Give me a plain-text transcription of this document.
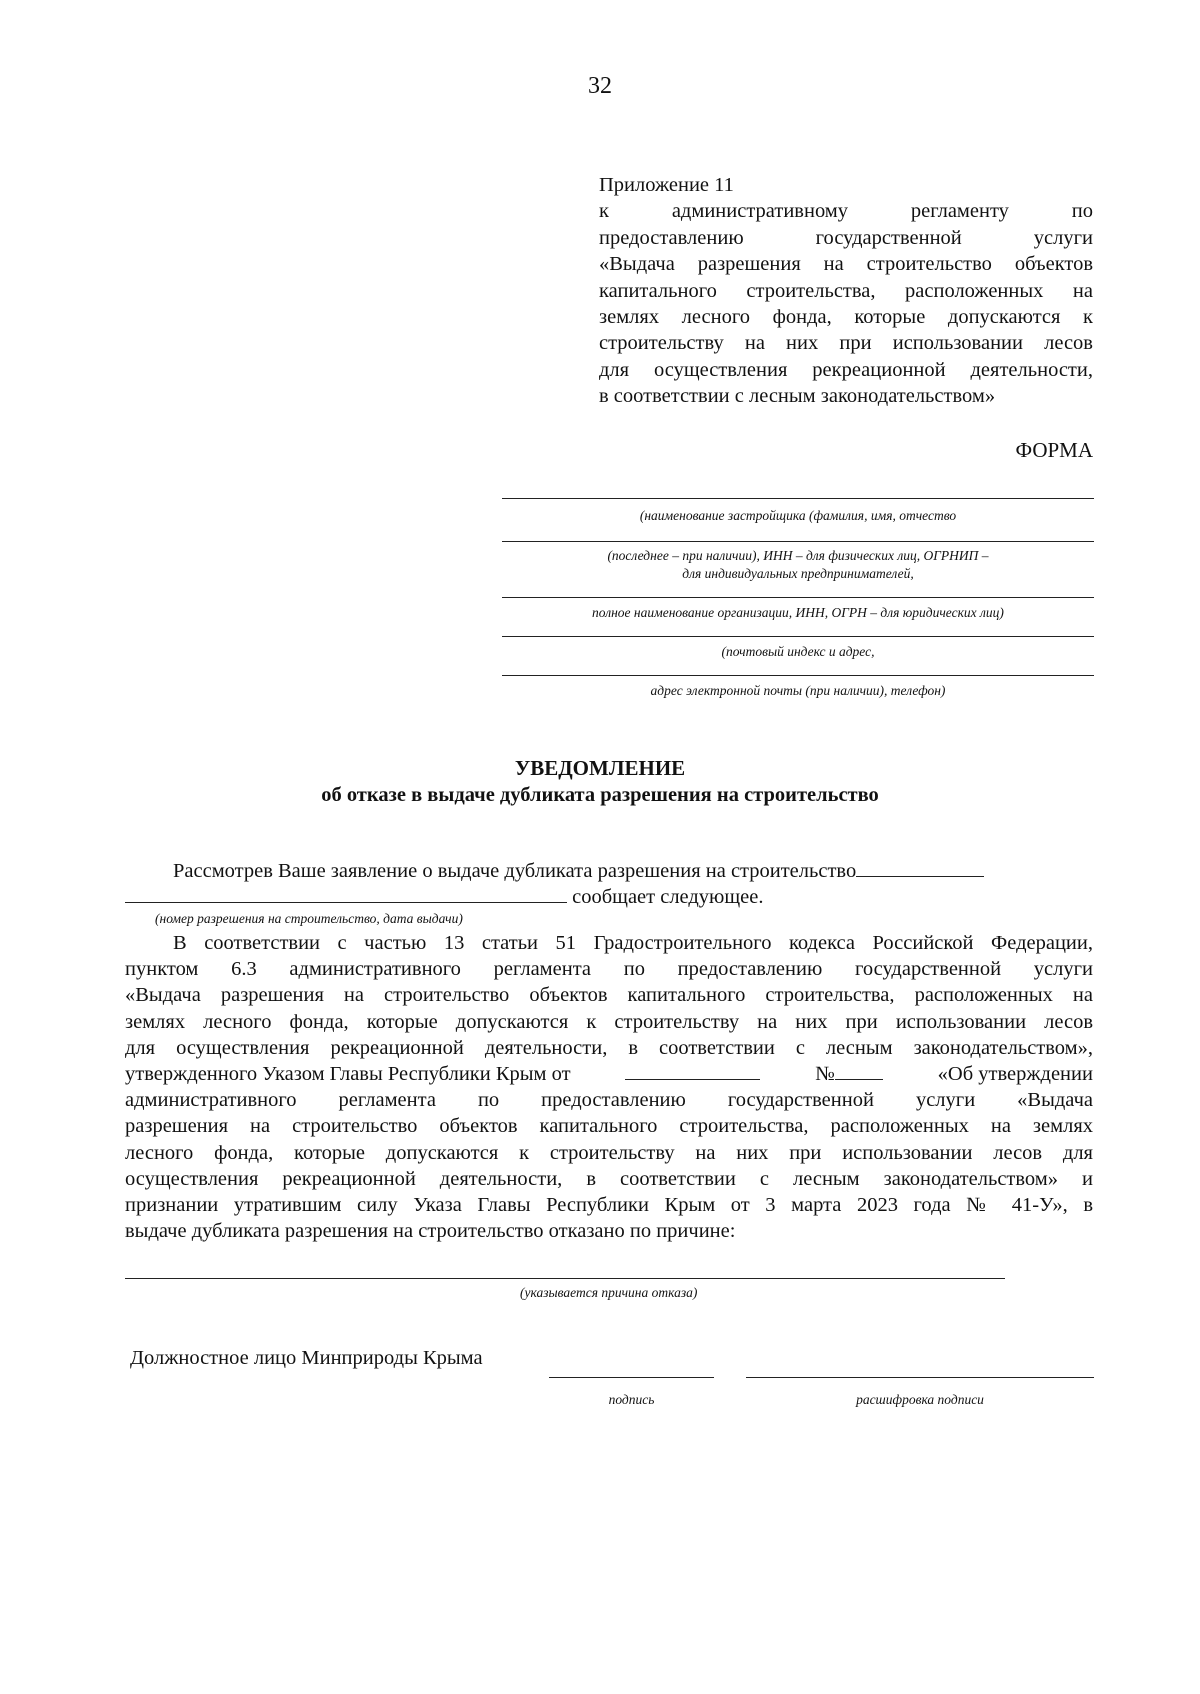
32
Приложение 11
к административному регламенту по
предоставлению государственной услуги
«Выдача разрешения на строительство объектов
капитального строительства, расположенных на
землях лесного фонда, которые допускаются к
строительству на них при использовании лесов
для осуществления рекреационной деятельности,
в соответствии с лесным законодательством»
ФОРМА
(наименование застройщика (фамилия, имя, отчество
(последнее – при наличии), ИНН – для физических лиц, ОГРНИП –
для индивидуальных предпринимателей,
полное наименование организации, ИНН, ОГРН – для юридических лиц)
(почтовый индекс и адрес,
адрес электронной почты (при наличии), телефон)
УВЕДОМЛЕНИЕ
об отказе в выдаче дубликата разрешения на строительство
Рассмотрев Ваше заявление о выдаче дубликата разрешения на строительство
сообщает следующее.
(номер разрешения на строительство, дата выдачи)
В соответствии с частью 13 статьи 51 Градостроительного кодекса Российской Федерации,
пунктом 6.3 административного регламента по предоставлению государственной услуги
«Выдача разрешения на строительство объектов капитального строительства, расположенных на
землях лесного фонда, которые допускаются к строительству на них при использовании лесов
для осуществления рекреационной деятельности, в соответствии с лесным законодательством»,
утвержденного Указом Главы Республики Крым от	№	«Об утверждении
административного регламента по предоставлению государственной услуги «Выдача
разрешения на строительство объектов капитального строительства, расположенных на землях
лесного фонда, которые допускаются к строительству на них при использовании лесов для
осуществления рекреационной деятельности, в соответствии с лесным законодательством» и
признании утратившим силу Указа Главы Республики Крым от 3 марта 2023 года № 41-У», в
выдаче дубликата разрешения на строительство отказано по причине:
(указывается причина отказа)
Должностное лицо Минприроды Крыма
подпись	расшифровка подписи
